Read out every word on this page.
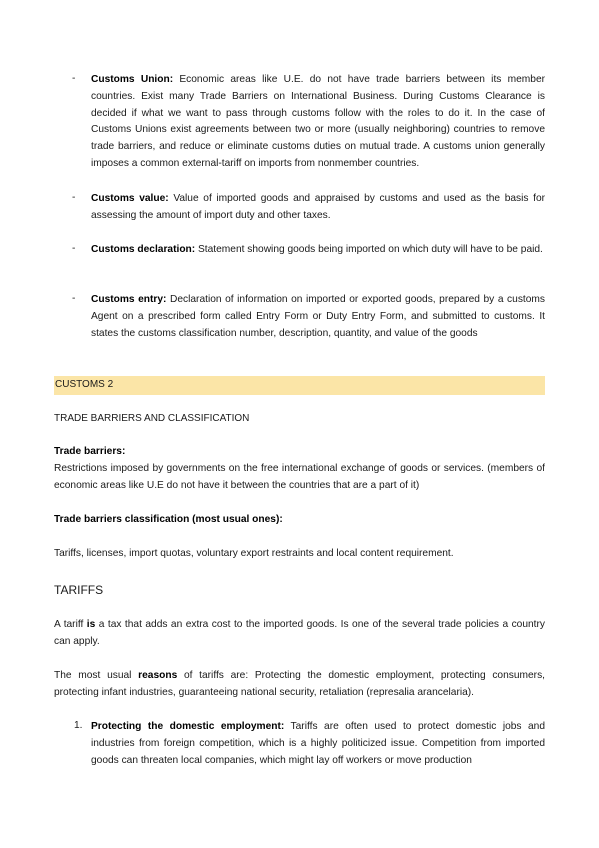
-	Customs Union: Economic areas like U.E. do not have trade barriers between its member countries. Exist many Trade Barriers on International Business. During Customs Clearance is decided if what we want to pass through customs follow with the roles to do it. In the case of Customs Unions exist agreements between two or more (usually neighboring) countries to remove trade barriers, and reduce or eliminate customs duties on mutual trade. A customs union generally imposes a common external-tariff on imports from nonmember countries.
-	Customs value: Value of imported goods and appraised by customs and used as the basis for assessing the amount of import duty and other taxes.
-	Customs declaration: Statement showing goods being imported on which duty will have to be paid.
-	Customs entry: Declaration of information on imported or exported goods, prepared by a customs Agent on a prescribed form called Entry Form or Duty Entry Form, and submitted to customs. It states the customs classification number, description, quantity, and value of the goods
CUSTOMS 2
TRADE BARRIERS AND CLASSIFICATION
Trade barriers:
Restrictions imposed by governments on the free international exchange of goods or services. (members of economic areas like U.E do not have it between the countries that are a part of it)
Trade barriers classification (most usual ones):
Tariffs, licenses, import quotas, voluntary export restraints and local content requirement.
TARIFFS
A tariff is a tax that adds an extra cost to the imported goods. Is one of the several trade policies a country can apply.
The most usual reasons of tariffs are: Protecting the domestic employment, protecting consumers, protecting infant industries, guaranteeing national security, retaliation (represalia arancelaria).
1. Protecting the domestic employment: Tariffs are often used to protect domestic jobs and industries from foreign competition, which is a highly politicized issue. Competition from imported goods can threaten local companies, which might lay off workers or move production
